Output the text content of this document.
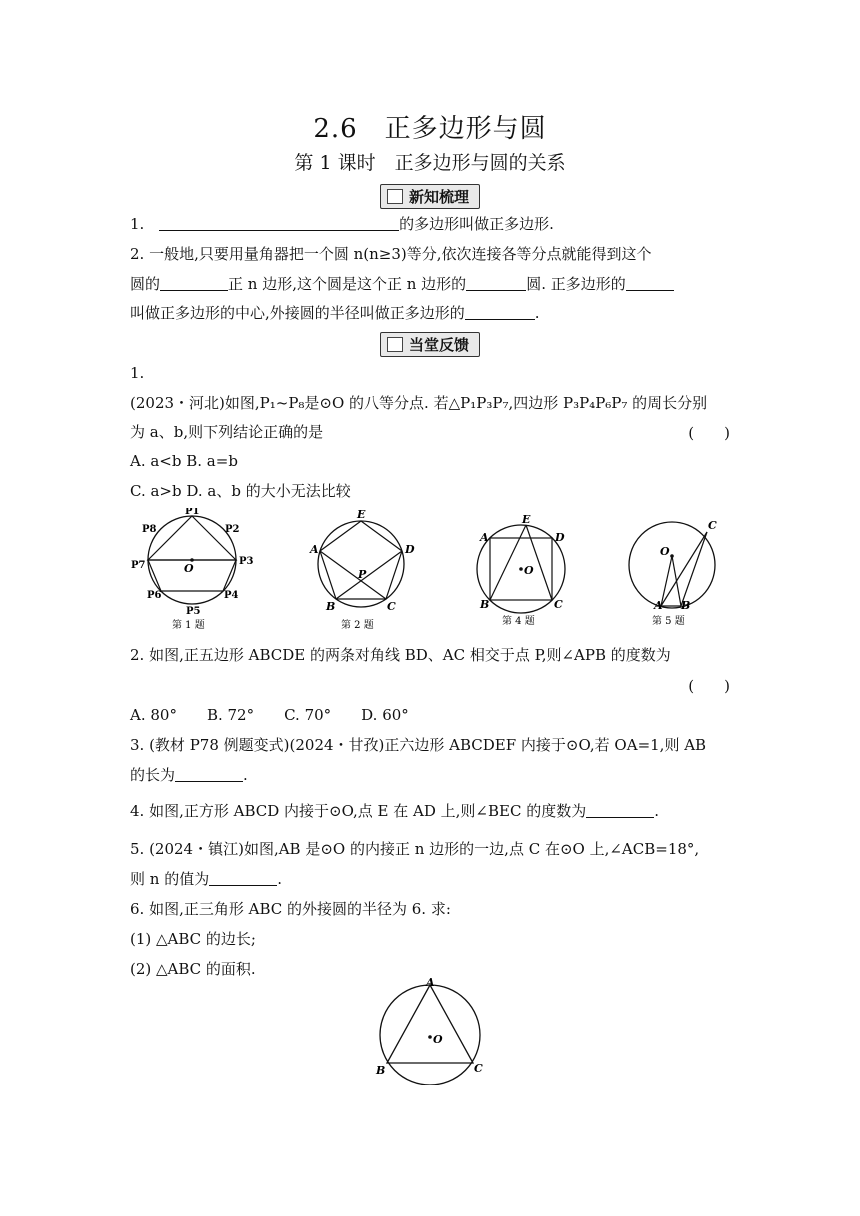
2.6　正多边形与圆
第 1 课时　正多边形与圆的关系
新知梳理
1.	的多边形叫做正多边形.
2. 一般地,只要用量角器把一个圆 n(n≥3)等分,依次连接各等分点就能得到这个
圆的	正 n 边形,这个圆是这个正 n 边形的	圆. 正多边形的
叫做正多边形的中心,外接圆的半径叫做正多边形的	.
当堂反馈
1.
(2023・河北)如图,P₁~P₈是⊙O 的八等分点. 若△P₁P₃P₇,四边形 P₃P₄P₆P₇ 的周长分别
为 a、b,则下列结论正确的是	(　　)
A. a<b B. a=b
C. a>b D. a、b 的大小无法比较
P1
P2
P3
P4
P5
P6
P7
P8
O
第 1 题
E
A	D
P
B	C
第 2 题
A
E
D
O
B	C
第 4 题
O
C
A B
第 5 题
2. 如图,正五边形 ABCDE 的两条对角线 BD、AC 相交于点 P,则∠APB 的度数为
(　　)
A. 80°　　B. 72°　　C. 70°　　D. 60°
3. (教材 P78 例题变式)(2024・甘孜)正六边形 ABCDEF 内接于⊙O,若 OA=1,则 AB
的长为	.
4. 如图,正方形 ABCD 内接于⊙O,点 E 在 AD 上,则∠BEC 的度数为	.
5. (2024・镇江)如图,AB 是⊙O 的内接正 n 边形的一边,点 C 在⊙O 上,∠ACB=18°,
则 n 的值为	.
6. 如图,正三角形 ABC 的外接圆的半径为 6. 求:
(1) △ABC 的边长;
(2) △ABC 的面积.
A
O
B	C
